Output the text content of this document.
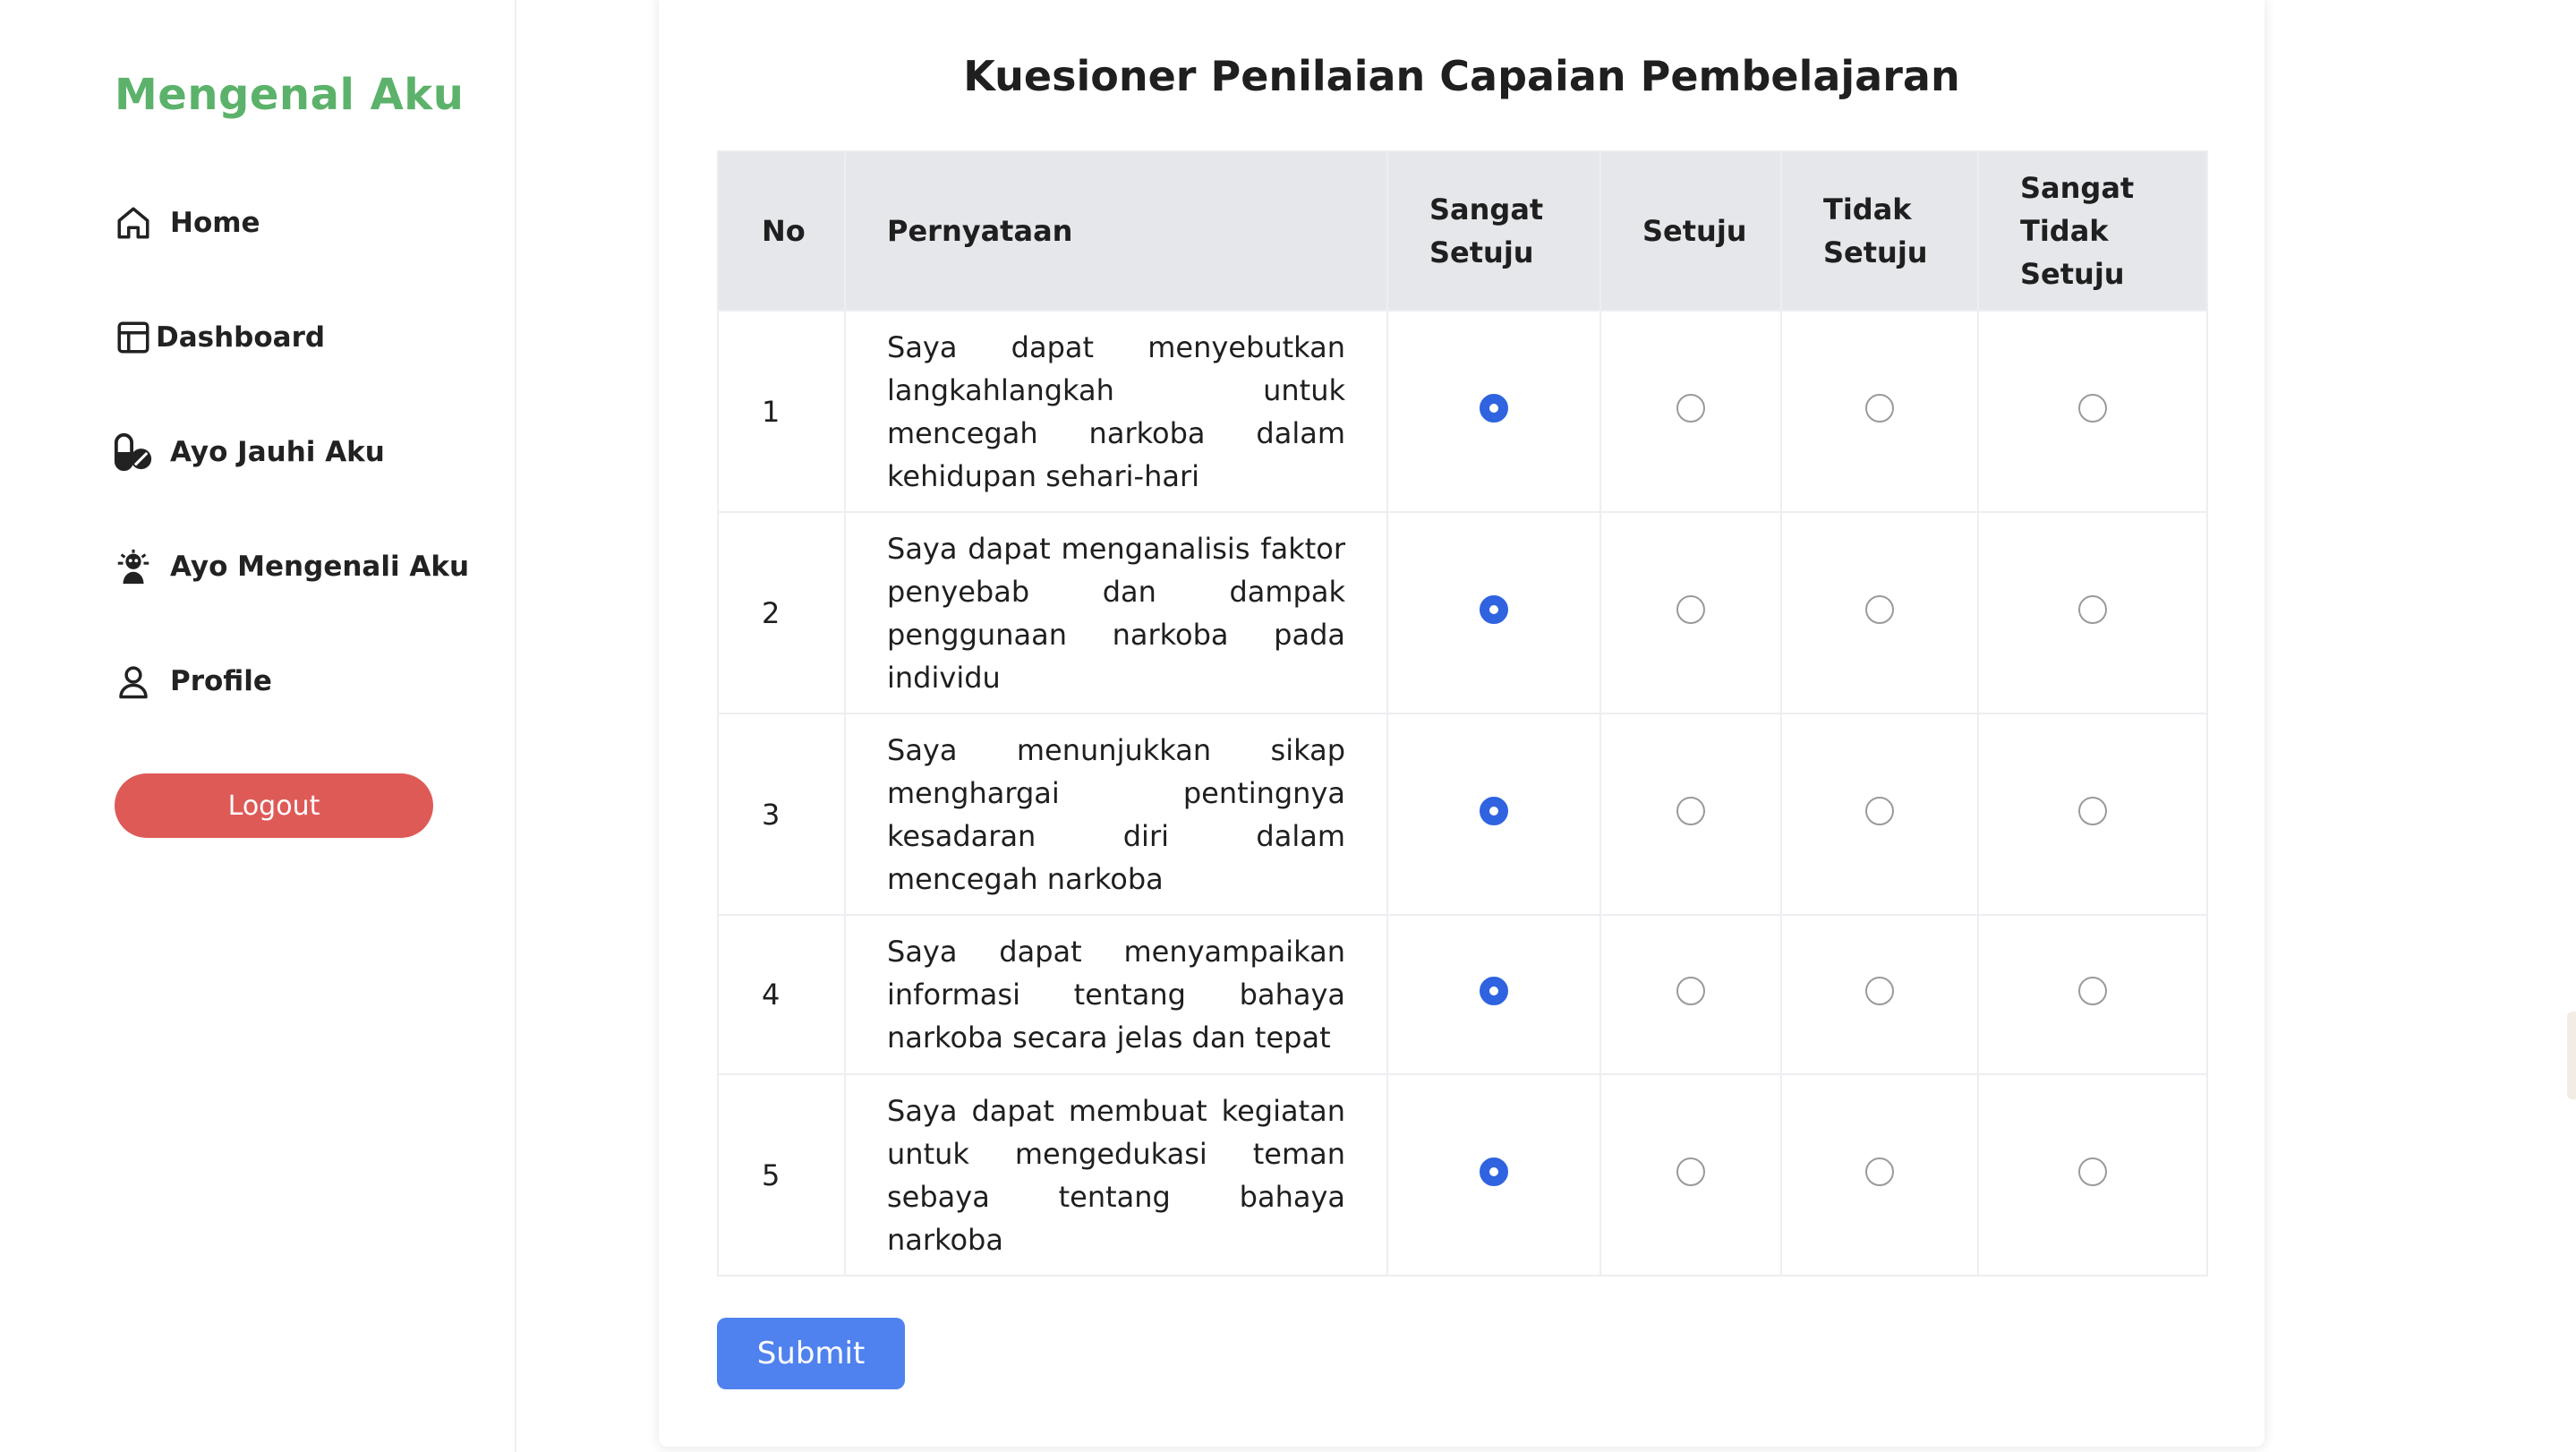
Mengenal Aku
Home
Dashboard
Ayo Jauhi Aku
Ayo Mengenali Aku
Profile
Logout
Kuesioner Penilaian Capaian Pembelajaran
No	Pernyataan	Sangat Setuju	Setuju	Tidak Setuju	Sangat Tidak Setuju
1	Saya dapat menyebutkan langkahlangkah untuk mencegah narkoba dalam kehidupan sehari-hari				
2	Saya dapat menganalisis faktor penyebab dan dampak penggunaan narkoba pada individu				
3	Saya menunjukkan sikap menghargai pentingnya kesadaran diri dalam mencegah narkoba				
4	Saya dapat menyampaikan informasi tentang bahaya narkoba secara jelas dan tepat				
5	Saya dapat membuat kegiatan untuk mengedukasi teman sebaya tentang bahaya narkoba				
Submit
